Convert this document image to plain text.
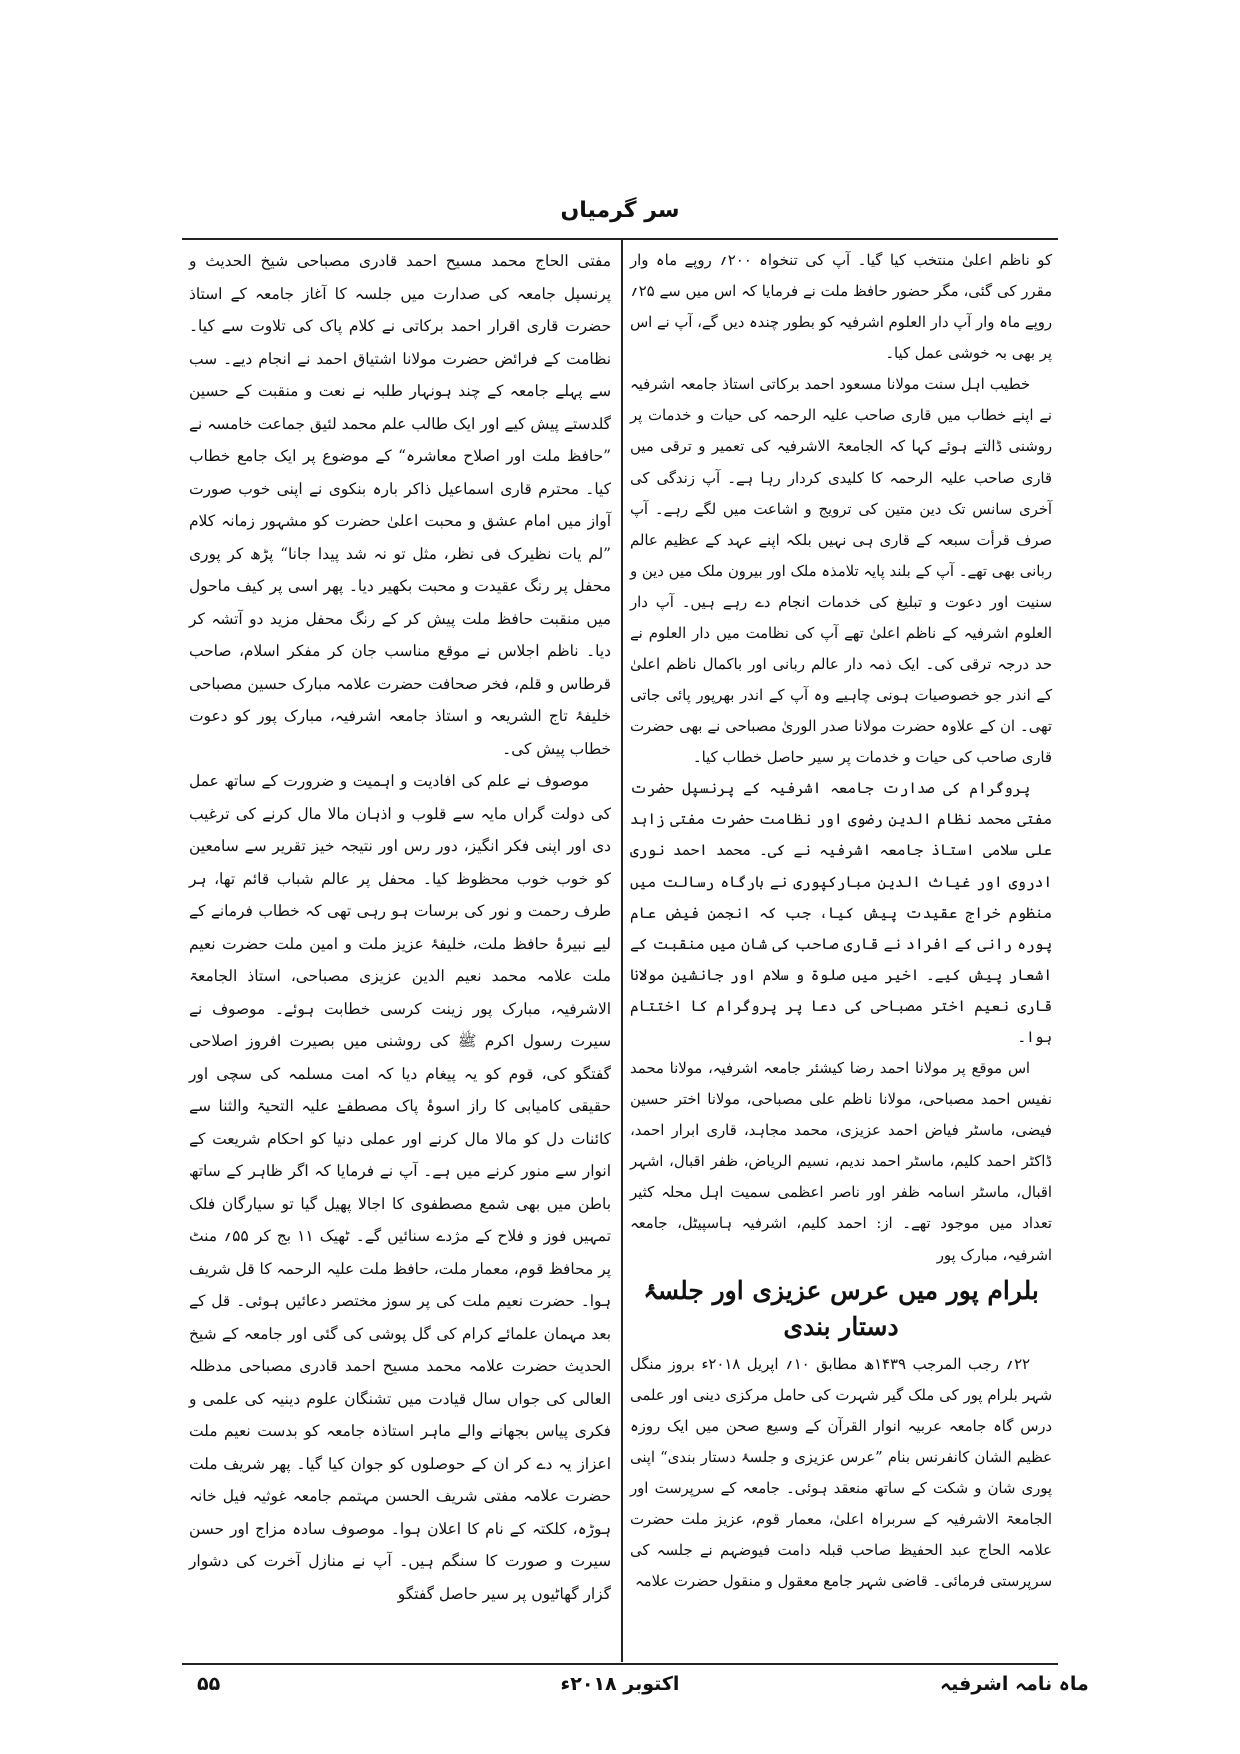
سر گرمیاں

کو ناظم اعلیٰ منتخب کیا گیا۔ آپ کی تنخواہ ۲۰۰؍ روپے ماہ وار مقرر کی گئی، مگر حضور حافظ ملت نے فرمایا کہ اس میں سے ۲۵؍ روپے ماہ وار آپ دار العلوم اشرفیہ کو بطور چندہ دیں گے، آپ نے اس پر بھی بہ خوشی عمل کیا۔

خطیب اہل سنت مولانا مسعود احمد برکاتی استاذ جامعہ اشرفیہ نے اپنے خطاب میں قاری صاحب علیہ الرحمہ کی حیات و خدمات پر روشنی ڈالتے ہوئے کہا کہ الجامعۃ الاشرفیہ کی تعمیر و ترقی میں قاری صاحب علیہ الرحمہ کا کلیدی کردار رہا ہے۔ آپ زندگی کی آخری سانس تک دین متین کی ترویج و اشاعت میں لگے رہے۔ آپ صرف قرأت سبعہ کے قاری ہی نہیں بلکہ اپنے عہد کے عظیم عالم ربانی بھی تھے۔ آپ کے بلند پایہ تلامذہ ملک اور بیرون ملک میں دین و سنیت اور دعوت و تبلیغ کی خدمات انجام دے رہے ہیں۔ آپ دار العلوم اشرفیہ کے ناظم اعلیٰ تھے آپ کی نظامت میں دار العلوم نے حد درجہ ترقی کی۔ ایک ذمہ دار عالم ربانی اور باکمال ناظم اعلیٰ کے اندر جو خصوصیات ہونی چاہیے وہ آپ کے اندر بھرپور پائی جاتی تھی۔ ان کے علاوہ حضرت مولانا صدر الوریٰ مصباحی نے بھی حضرت قاری صاحب کی حیات و خدمات پر سیر حاصل خطاب کیا۔

پروگرام کی صدارت جامعہ اشرفیہ کے پرنسپل حضرت مفتی محمد نظام الدین رضوی اور نظامت حضرت مفتی زاہد علی سلامی استاذ جامعہ اشرفیہ نے کی۔ محمد احمد نوری ادروی اور غیاث الدین مبارکپوری نے بارگاہ رسالت میں منظوم خراج عقیدت پیش کیا، جب کہ انجمن فیض عام پورہ رانی کے افراد نے قاری صاحب کی شان میں منقبت کے اشعار پیش کیے۔ اخیر میں صلوۃ و سلام اور جانشین مولانا قاری نعیم اختر مصباحی کی دعا پر پروگرام کا اختتام ہوا۔

اس موقع پر مولانا احمد رضا کیشئر جامعہ اشرفیہ، مولانا محمد نفیس احمد مصباحی، مولانا ناظم علی مصباحی، مولانا اختر حسین فیضی، ماسٹر فیاض احمد عزیزی، محمد مجاہد، قاری ابرار احمد، ڈاکٹر احمد کلیم، ماسٹر احمد ندیم، نسیم الریاض، ظفر اقبال، اشہر اقبال، ماسٹر اسامہ ظفر اور ناصر اعظمی سمیت اہل محلہ کثیر تعداد میں موجود تھے۔ از: احمد کلیم، اشرفیہ ہاسپیٹل، جامعہ اشرفیہ، مبارک پور

بلرام پور میں عرس عزیزی اور جلسۂ دستار بندی

۲۲؍ رجب المرجب ۱۴۳۹ھ مطابق ۱۰؍ اپریل ۲۰۱۸ء بروز منگل شہر بلرام پور کی ملک گیر شہرت کی حامل مرکزی دینی اور علمی درس گاہ جامعہ عربیہ انوار القرآن کے وسیع صحن میں ایک روزہ عظیم الشان کانفرنس بنام ”عرس عزیزی و جلسۂ دستار بندی“ اپنی پوری شان و شکت کے ساتھ منعقد ہوئی۔ جامعہ کے سرپرست اور الجامعۃ الاشرفیہ کے سربراہ اعلیٰ، معمار قوم، عزیز ملت حضرت علامہ الحاج عبد الحفیظ صاحب قبلہ دامت فیوضہم نے جلسہ کی سرپرستی فرمائی۔ قاضی شہر جامع معقول و منقول حضرت علامہ

مفتی الحاج محمد مسیح احمد قادری مصباحی شیخ الحدیث و پرنسپل جامعہ کی صدارت میں جلسہ کا آغاز جامعہ کے استاذ حضرت قاری اقرار احمد برکاتی نے کلام پاک کی تلاوت سے کیا۔ نظامت کے فرائض حضرت مولانا اشتیاق احمد نے انجام دیے۔ سب سے پہلے جامعہ کے چند ہونہار طلبہ نے نعت و منقبت کے حسین گلدستے پیش کیے اور ایک طالب علم محمد لئیق جماعت خامسہ نے ”حافظ ملت اور اصلاح معاشرہ“ کے موضوع پر ایک جامع خطاب کیا۔ محترم قاری اسماعیل ذاکر بارہ بنکوی نے اپنی خوب صورت آواز میں امام عشق و محبت اعلیٰ حضرت کو مشہور زمانہ کلام ”لم یات نظیرک فی نظر، مثل تو نہ شد پیدا جانا“ پڑھ کر پوری محفل پر رنگ عقیدت و محبت بکھیر دیا۔ پھر اسی پر کیف ماحول میں منقبت حافظ ملت پیش کر کے رنگ محفل مزید دو آتشہ کر دیا۔ ناظم اجلاس نے موقع مناسب جان کر مفکر اسلام، صاحب قرطاس و قلم، فخر صحافت حضرت علامہ مبارک حسین مصباحی خلیفۂ تاج الشریعہ و استاذ جامعہ اشرفیہ، مبارک پور کو دعوت خطاب پیش کی۔

موصوف نے علم کی افادیت و اہمیت و ضرورت کے ساتھ عمل کی دولت گراں مایہ سے قلوب و اذہان مالا مال کرنے کی ترغیب دی اور اپنی فکر انگیز، دور رس اور نتیجہ خیز تقریر سے سامعین کو خوب خوب محظوظ کیا۔ محفل پر عالم شباب قائم تھا، ہر طرف رحمت و نور کی برسات ہو رہی تھی کہ خطاب فرمانے کے لیے نبیرۂ حافظ ملت، خلیفۂ عزیز ملت و امین ملت حضرت نعیم ملت علامہ محمد نعیم الدین عزیزی مصباحی، استاذ الجامعۃ الاشرفیہ، مبارک پور زینت کرسی خطابت ہوئے۔ موصوف نے سیرت رسول اکرم ﷺ کی روشنی میں بصیرت افروز اصلاحی گفتگو کی، قوم کو یہ پیغام دیا کہ امت مسلمہ کی سچی اور حقیقی کامیابی کا راز اسوۂ پاک مصطفےٰ علیہ التحیۃ والثنا سے کائنات دل کو مالا مال کرنے اور عملی دنیا کو احکام شریعت کے انوار سے منور کرنے میں ہے۔ آپ نے فرمایا کہ اگر ظاہر کے ساتھ باطن میں بھی شمع مصطفوی کا اجالا پھیل گیا تو سیارگان فلک تمہیں فوز و فلاح کے مژدے سنائیں گے۔ ٹھیک ۱۱ بج کر ۵۵؍ منٹ پر محافظ قوم، معمار ملت، حافظ ملت علیہ الرحمہ کا قل شریف ہوا۔ حضرت نعیم ملت کی پر سوز مختصر دعائیں ہوئی۔ قل کے بعد مہمان علمائے کرام کی گل پوشی کی گئی اور جامعہ کے شیخ الحدیث حضرت علامہ محمد مسیح احمد قادری مصباحی مدظلہ العالی کی جواں سال قیادت میں تشنگان علوم دینیہ کی علمی و فکری پیاس بجھانے والے ماہر استاذہ جامعہ کو بدست نعیم ملت اعزاز یہ دے کر ان کے حوصلوں کو جوان کیا گیا۔ پھر شریف ملت حضرت علامہ مفتی شریف الحسن مہتمم جامعہ غوثیہ فیل خانہ ہوڑہ، کلکتہ کے نام کا اعلان ہوا۔ موصوف سادہ مزاج اور حسن سیرت و صورت کا سنگم ہیں۔ آپ نے منازل آخرت کی دشوار گزار گھاٹیوں پر سیر حاصل گفتگو

ماہ نامہ اشرفیہ
اکتوبر ۲۰۱۸ء
۵۵
